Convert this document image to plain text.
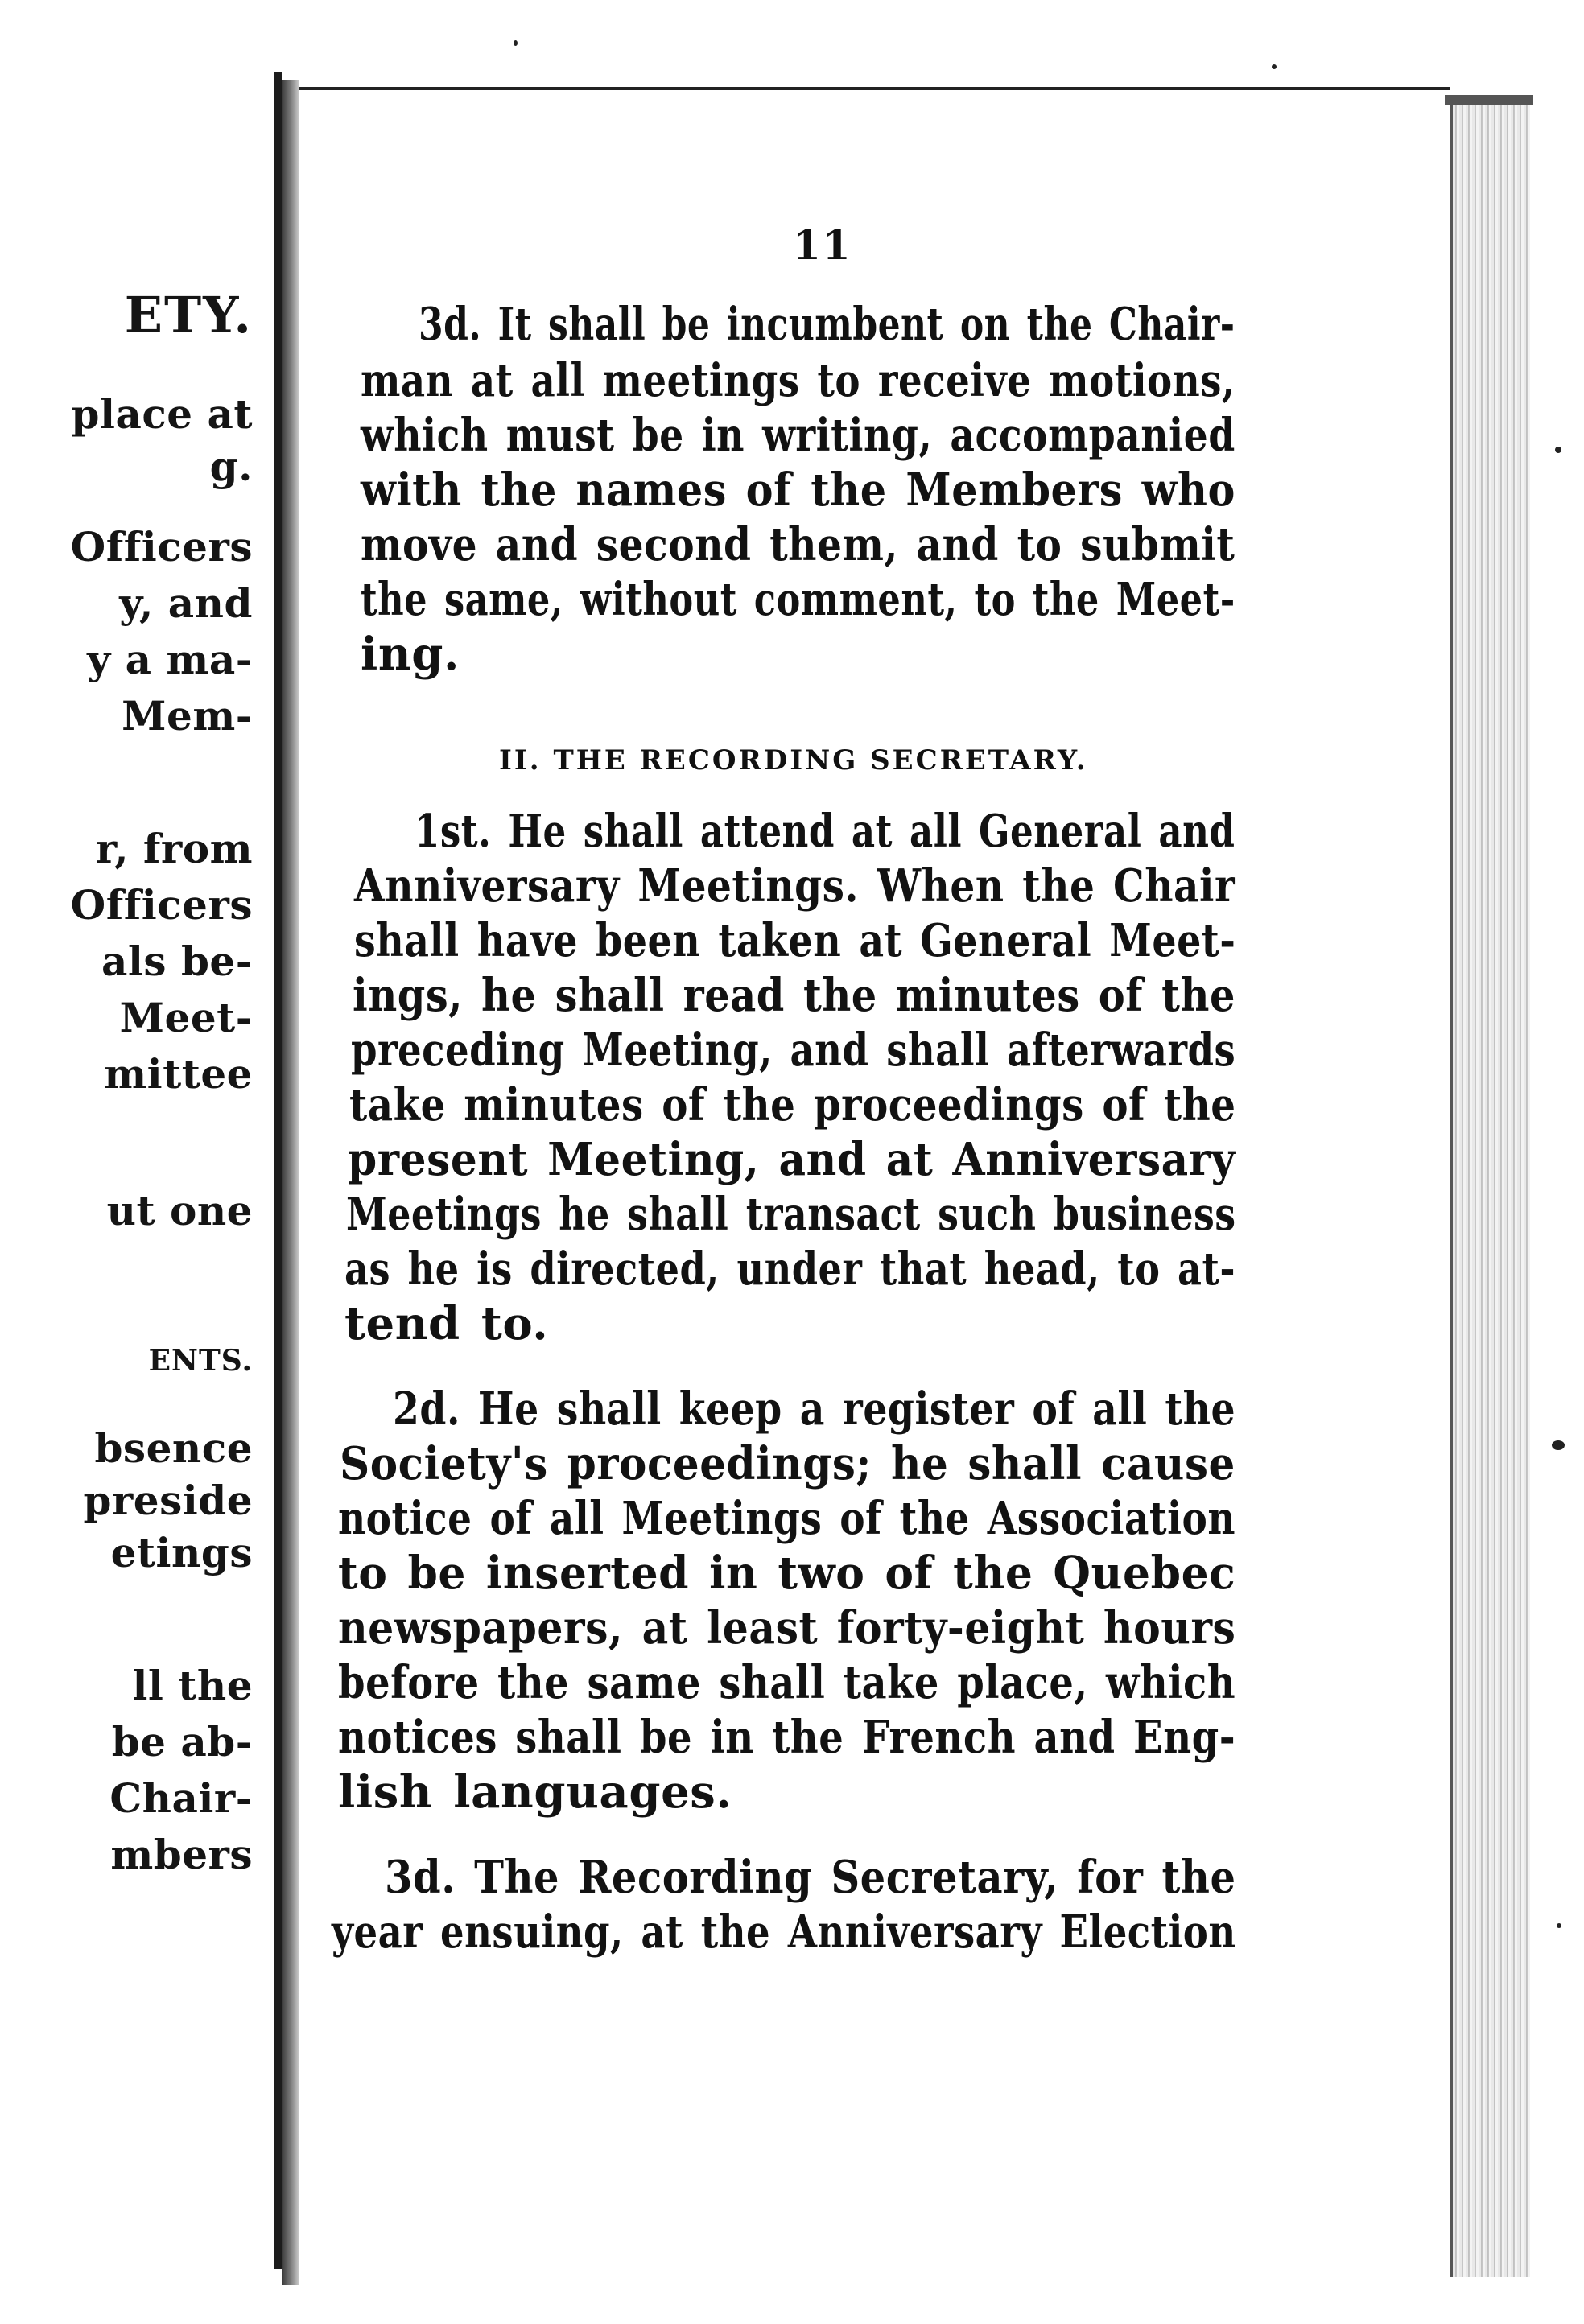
ETY.
place at
g.
Officers
y, and
y a ma-
Mem-
r, from
Officers
als be-
Meet-
mittee
ut one
ENTS.
bsence
preside
etings
ll the
be ab-
Chair-
mbers
11
3d. It shall be incumbent on the Chair-
man at all meetings to receive motions,
which must be in writing, accompanied
with the names of the Members who
move and second them, and to submit
the same, without comment, to the Meet-
ing.
II. THE RECORDING SECRETARY.
1st. He shall attend at all General and
Anniversary Meetings. When the Chair
shall have been taken at General Meet-
ings, he shall read the minutes of the
preceding Meeting, and shall afterwards
take minutes of the proceedings of the
present Meeting, and at Anniversary
Meetings he shall transact such business
as he is directed, under that head, to at-
tend to.
2d. He shall keep a register of all the
Society's proceedings; he shall cause
notice of all Meetings of the Association
to be inserted in two of the Quebec
newspapers, at least forty-eight hours
before the same shall take place, which
notices shall be in the French and Eng-
lish languages.
3d. The Recording Secretary, for the
year ensuing, at the Anniversary Election
